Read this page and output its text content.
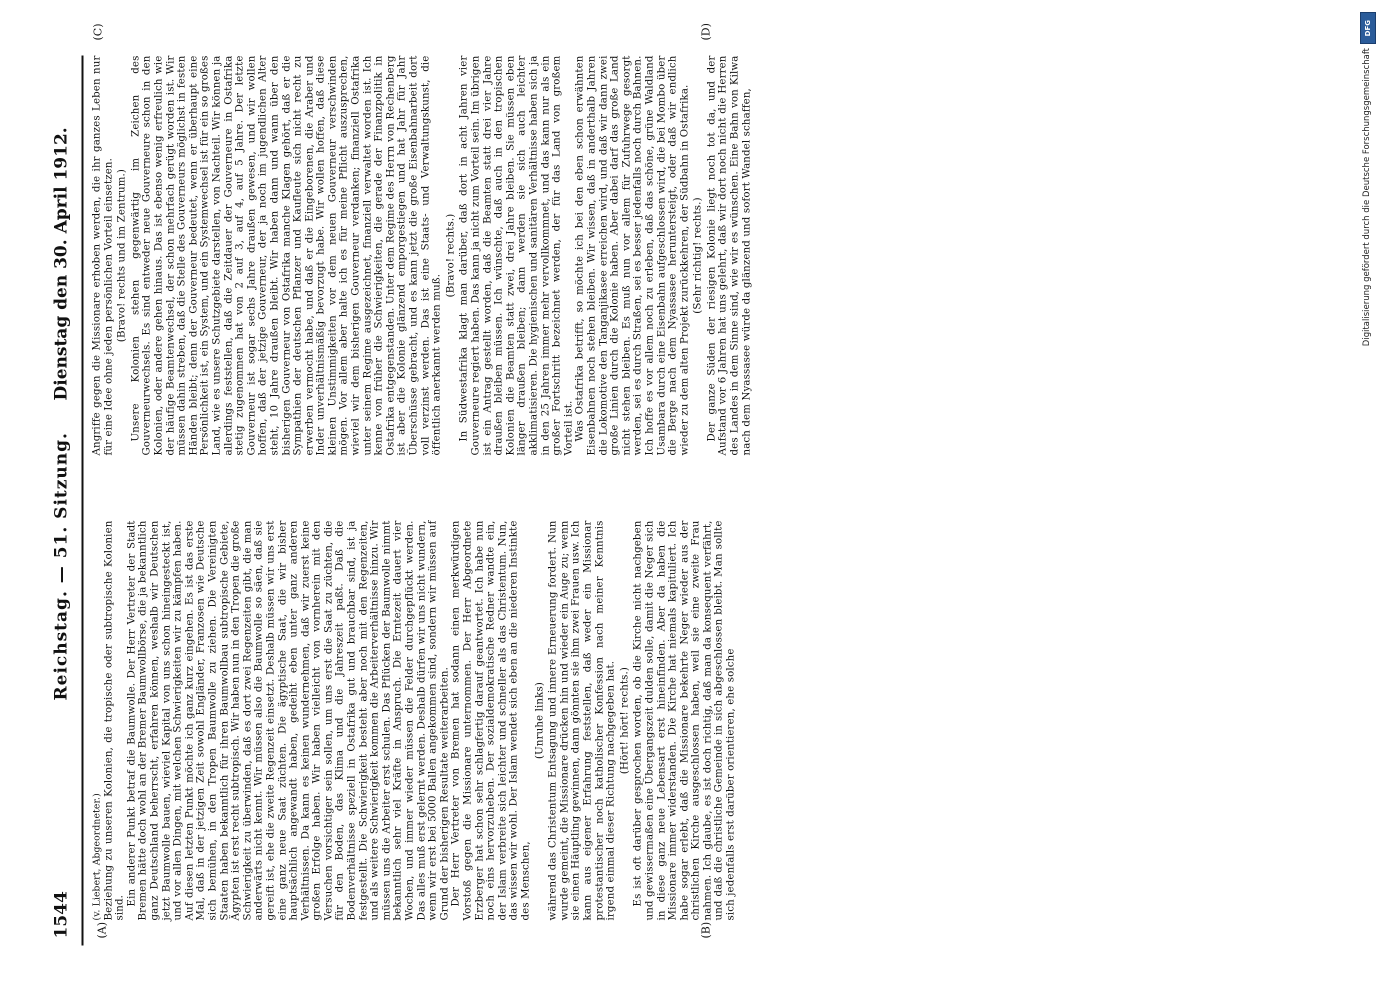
1544
Reichstag. — 51. Sitzung.
Dienstag den 30. April 1912.
(A)	(B)
(C)	(D)

(v. Liebert, Abgeordneter.) Beziehung zu unseren Kolonien, die tropische oder subtropische Kolonien sind.

Ein anderer Punkt betraf die Baumwolle. Der Herr Vertreter der Stadt Bremen hätte doch wohl an der Bremer Baumwollbörse, die ja bekanntlich ganz Deutschland beherrscht, erfahren können, weshalb wir Deutschen jetzt Baumwolle bauen, wieviel Kapital von uns schon hineingesteckt ist, und vor allen Dingen, mit welchen Schwierigkeiten wir zu kämpfen haben. Auf diesen letzten Punkt möchte ich ganz kurz eingehen. Es ist das erste Mal, daß in der jetzigen Zeit sowohl Engländer, Franzosen wie Deutsche sich bemühen, in den Tropen Baumwolle zu ziehen. Die Vereinigten Staaten haben bekanntlich für ihren Baumwollbau subtropische Gebiete, Ägypten ist erst recht subtropisch. Wir haben nun in den Tropen die große Schwierigkeit zu überwinden, daß es dort zwei Regenzeiten gibt, die man anderwärts nicht kennt. Wir müssen also die Baumwolle so säen, daß sie gereift ist, ehe die zweite Regenzeit einsetzt. Deshalb müssen wir uns erst eine ganz neue Saat züchten. Die ägyptische Saat, die wir bisher hauptsächlich angewandt haben, gedeiht eben unter ganz anderen Verhältnissen. Da kann es keinen wundernehmen, daß wir zuerst keine großen Erfolge haben. Wir haben vielleicht von vornherein mit den Versuchen vorsichtiger sein sollen, um uns erst die Saat zu züchten, die für den Boden, das Klima und die Jahreszeit paßt. Daß die Bodenverhältnisse speziell in Ostafrika gut und brauchbar sind, ist ja festgestellt. Die Schwierigkeit besteht aber noch mit den Regenzeiten, und als weitere Schwierigkeit kommen die Arbeiterverhältnisse hinzu. Wir müssen uns die Arbeiter erst schulen. Das Pflücken der Baumwolle nimmt bekanntlich sehr viel Kräfte in Anspruch. Die Erntezeit dauert vier Wochen, und immer wieder müssen die Felder durchgepflückt werden. Das alles muß erst gelernt werden. Deshalb dürfen wir uns nicht wundern, wenn wir erst bei 5000 Ballen angekommen sind, sondern wir müssen auf Grund der bisherigen Resultate weiterarbeiten. Der Herr Vertreter von Bremen hat sodann einen merkwürdigen Vorstoß gegen die Missionare unternommen. Der Herr Abgeordnete Erzberger hat schon sehr schlagfertig darauf geantwortet. Ich habe nun noch eins hervorzuheben. Der sozialdemokratische Redner wandte ein, der Islam verbreite sich leichter und schneller als das Christentum. Nun, das wissen wir wohl. Der Islam wendet sich eben an die niederen Instinkte des Menschen,

(Unruhe links) während das Christentum Entsagung und innere Erneuerung fordert. Nun wurde gemeint, die Missionare drücken hin und wieder ein Auge zu; wenn sie einen Häuptling gewinnen, dann gönnten sie ihm zwei Frauen usw. Ich kann aus eigener Erfahrung feststellen, daß weder ein Missionar protestantischer noch katholischer Konfession nach meiner Kenntnis irgend einmal dieser Richtung nachgegeben hat. (Hört! hört! rechts.) Es ist oft darüber gesprochen worden, ob die Kirche nicht nachgeben und gewissermaßen eine Übergangszeit dulden solle, damit die Neger sich in diese ganz neue Lebensart erst hineinfinden. Aber da haben die Missionare immer widerstanden. Die Kirche hat niemals kapituliert. Ich habe sogar erlebt, daß die Missionare bekehrte Neger wieder aus der christlichen Kirche ausgeschlossen haben, weil sie eine zweite Frau nahmen. Ich glaube, es ist doch richtig, daß man da konsequent verfährt, und daß die christliche Gemeinde in sich abgeschlossen bleibt. Man sollte sich jedenfalls erst darüber orientieren, ehe solche

Angriffe gegen die Missionare erhoben werden, die ihr ganzes Leben nur für eine Idee ohne jeden persönlichen Vorteil einsetzen. (Bravo! rechts und im Zentrum.) Unsere Kolonien stehen gegenwärtig im Zeichen des Gouverneurwechsels. Es sind entweder neue Gouverneure schon in den Kolonien, oder andere gehen hinaus. Das ist ebenso wenig erfreulich wie der häufige Beamtenwechsel, der schon mehrfach gerügt worden ist. Wir müssen dahin streben, daß die Stelle des Gouverneurs möglichst in festen Händen bleibt; denn der Gouverneur bedeutet, wenn er überhaupt eine Persönlichkeit ist, ein System, und ein Systemwechsel ist für ein so großes Land, wie es unsere Schutzgebiete darstellen, von Nachteil. Wir können ja allerdings feststellen, daß die Zeitdauer der Gouverneure in Ostafrika stetig zugenommen hat von 2 auf 3, auf 4, auf 5 Jahre. Der letzte Gouverneur ist sogar sechs Jahre draußen gewesen, und wir wollen hoffen, daß der jetzige Gouverneur, der ja noch im jugendlichen Alter steht, 10 Jahre draußen bleibt. Wir haben dann und wann über den bisherigen Gouverneur von Ostafrika manche Klagen gehört, daß er die Sympathien der deutschen Pflanzer und Kaufleute sich nicht recht zu erwerben vermocht habe, und daß er die Eingeborenen, die Araber und Inder unverhältnismäßig bevorzugt habe. Wir wollen hoffen, daß diese kleinen Unstimmigkeiten vor dem neuen Gouverneur verschwinden mögen. Vor allem aber halte ich es für meine Pflicht auszusprechen, wieviel wir dem bisherigen Gouverneur verdanken; finanziell Ostafrika unter seinem Regime ausgezeichnet, finanziell verwaltet worden ist. Ich kenne von früher die Schwierigkeiten, die gerade der Finanzpolitik in Ostafrika entgegenstanden. Unter dem Regime des Herrn von Rechenberg ist aber die Kolonie glänzend emporgestiegen und hat Jahr für Jahr Überschüsse gebracht, und es kann jetzt die große Eisenbahnarbeit dort voll verzinst werden. Das ist eine Staats- und Verwaltungskunst, die öffentlich anerkannt werden muß.

(Bravo! rechts.) In Südwestafrika klagt man darüber, daß dort in acht Jahren vier Gouverneure regiert haben. Das kann ja nicht zum Vorteil sein. Im übrigen ist ein Antrag gestellt worden, daß die Beamten statt drei vier Jahre draußen bleiben müssen. Ich wünschte, daß auch in den tropischen Kolonien die Beamten statt zwei, drei Jahre bleiben. Sie müssen eben länger draußen bleiben; dann werden sie sich auch leichter akklimatisieren. Die hygienischen und sanitären Verhältnisse haben sich ja in den 25 Jahren immer mehr vervollkommnet, und das kann nur als ein großer Fortschritt bezeichnet werden, der für das Land von großem Vorteil ist. Was Ostafrika betrifft, so möchte ich bei den eben schon erwähnten Eisenbahnen noch stehen bleiben. Wir wissen, daß in anderthalb Jahren die Lokomotive den Tanganjikasee erreichen wird, und daß wir dann zwei große Linien durch die Kolonie haben. Aber dabei darf das große Land nicht stehen bleiben. Es muß nun vor allem für Zufuhrwege gesorgt werden, sei es durch Straßen, sei es besser jedenfalls noch durch Bahnen. Ich hoffe es vor allem noch zu erleben, daß das schöne, grüne Waldland Usambara durch eine Eisenbahn aufgeschlossen wird, die bei Mombo über die Berge nach dem Nyassasee heruntersteigt, oder daß wir endlich wieder zu dem alten Projekt zurückkehren, der Südbahn in Ostafrika. (Sehr richtig! rechts.) Der ganze Süden der riesigen Kolonie liegt noch tot da, und der Aufstand vor 6 Jahren hat uns gelehrt, daß wir dort noch nicht die Herren des Landes in dem Sinne sind, wie wir es wünschen. Eine Bahn von Kilwa nach dem Nyassasee würde da glänzend und sofort Wandel schaffen,

DFG
Digitalisierung gefördert durch die Deutsche Forschungsgemeinschaft
